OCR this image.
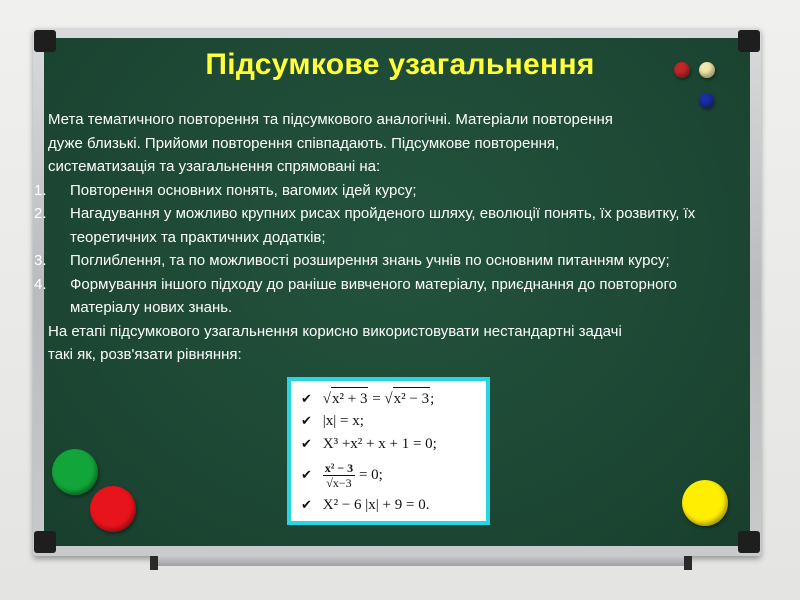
Підсумкове узагальнення

Мета тематичного повторення та підсумкового аналогічні. Матеріали повторення
дуже близькі. Прийоми повторення співпадають. Підсумкове повторення,
систематизація та узагальнення спрямовані на:

1. Повторення основних понять, вагомих ідей курсу;
2. Нагадування у можливо крупних рисах пройденого шляху, еволюції понять, їх розвитку, їх теоретичних та практичних додатків;
3. Поглиблення, та по можливості розширення знань учнів по основним питанням курсу;
4. Формування іншого підходу до раніше вивченого матеріалу, приєднання до повторного матеріалу нових знань.

На етапі підсумкового узагальнення корисно використовувати нестандартні задачі
такі як, розв'язати рівняння:

✔ √x² + 3 = √x² − 3;
✔ |x| = x;
✔ X³ +x² + x + 1 = 0;
✔ $\frac{\text{x² − 3}}{√x-3} = 0$;
✔ X² − 6 |x| + 9 = 0.
